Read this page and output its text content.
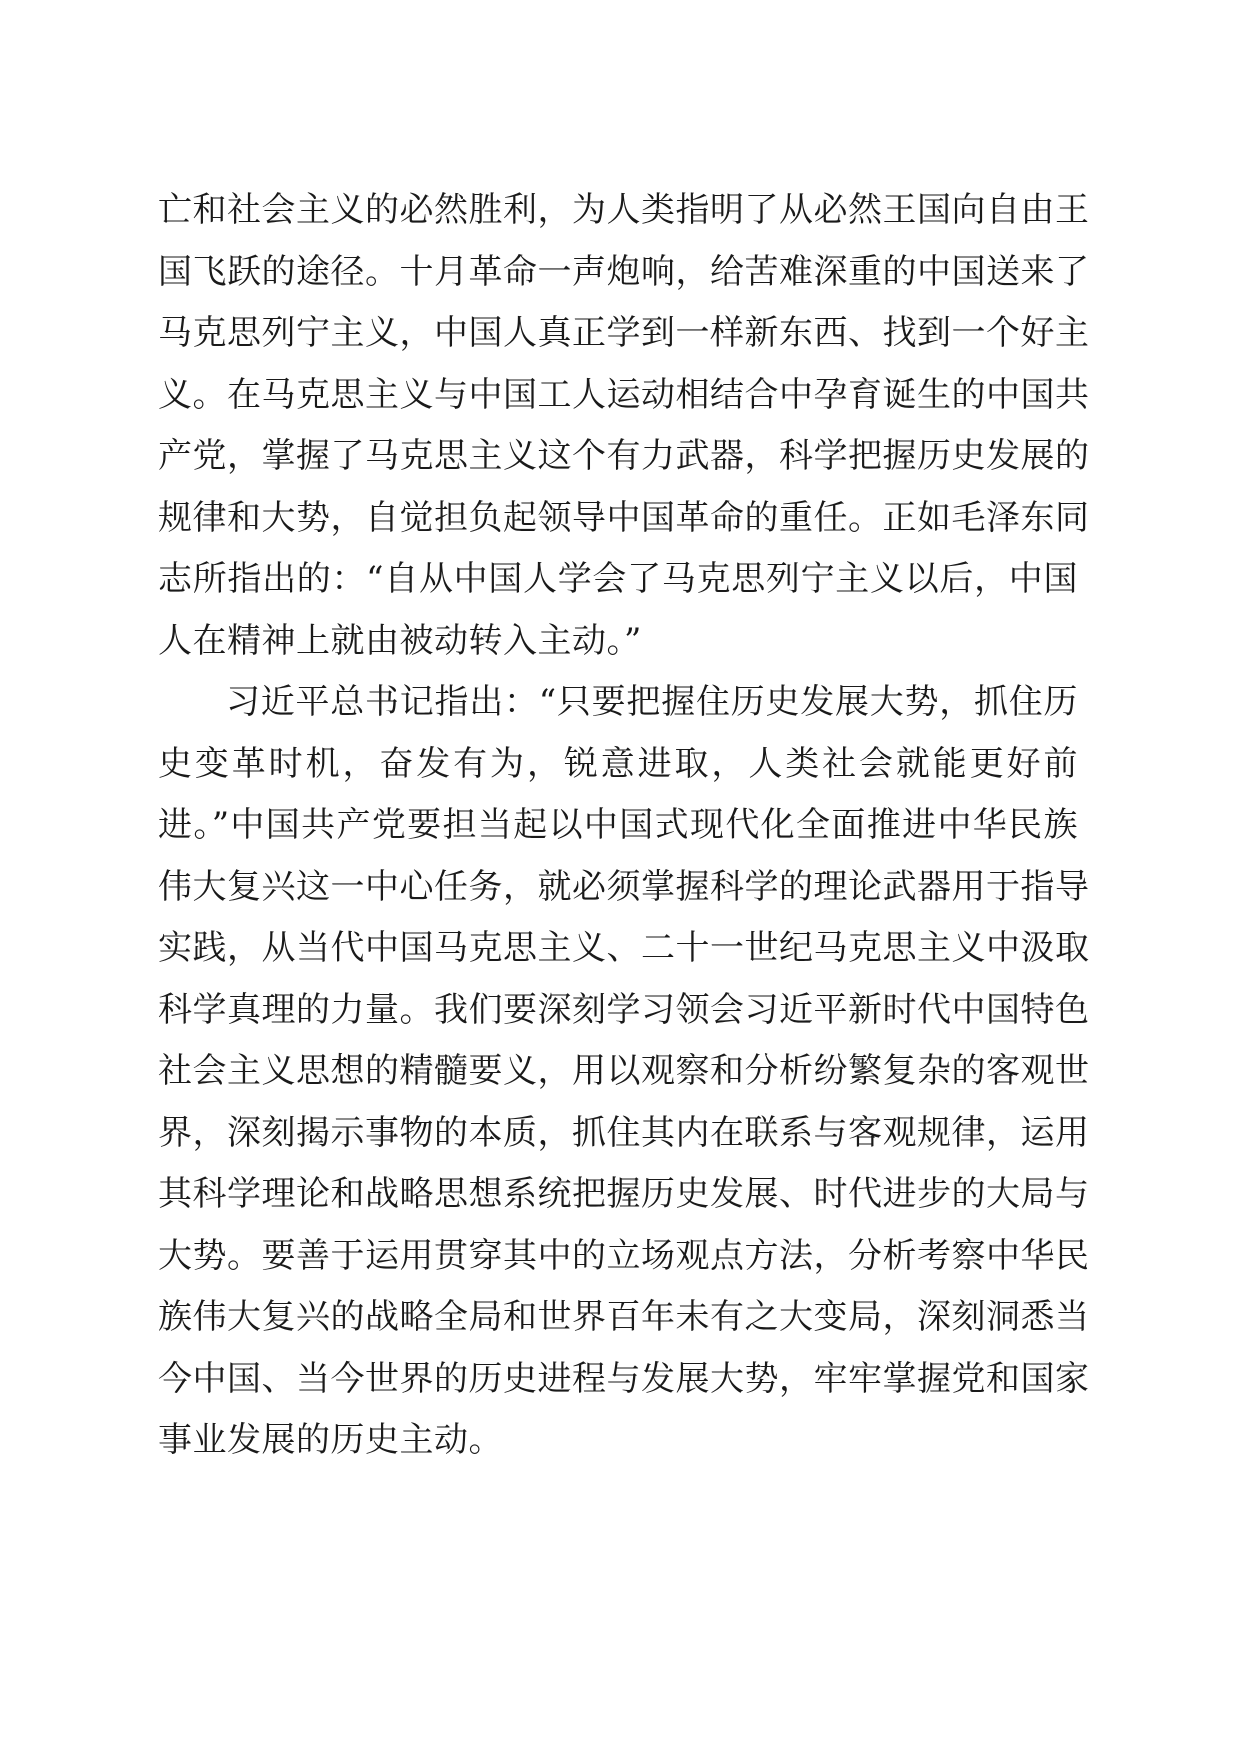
亡和社会主义的必然胜利，为人类指明了从必然王国向自由王
国飞跃的途径。十月革命一声炮响，给苦难深重的中国送来了
马克思列宁主义，中国人真正学到一样新东西、找到一个好主
义。在马克思主义与中国工人运动相结合中孕育诞生的中国共
产党，掌握了马克思主义这个有力武器，科学把握历史发展的
规律和大势，自觉担负起领导中国革命的重任。正如毛泽东同
志所指出的：“自从中国人学会了马克思列宁主义以后，中国
人在精神上就由被动转入主动。”
习近平总书记指出：“只要把握住历史发展大势，抓住历
史变革时机，奋发有为，锐意进取，人类社会就能更好前
进。”中国共产党要担当起以中国式现代化全面推进中华民族
伟大复兴这一中心任务，就必须掌握科学的理论武器用于指导
实践，从当代中国马克思主义、二十一世纪马克思主义中汲取
科学真理的力量。我们要深刻学习领会习近平新时代中国特色
社会主义思想的精髓要义，用以观察和分析纷繁复杂的客观世
界，深刻揭示事物的本质，抓住其内在联系与客观规律，运用
其科学理论和战略思想系统把握历史发展、时代进步的大局与
大势。要善于运用贯穿其中的立场观点方法，分析考察中华民
族伟大复兴的战略全局和世界百年未有之大变局，深刻洞悉当
今中国、当今世界的历史进程与发展大势，牢牢掌握党和国家
事业发展的历史主动。
